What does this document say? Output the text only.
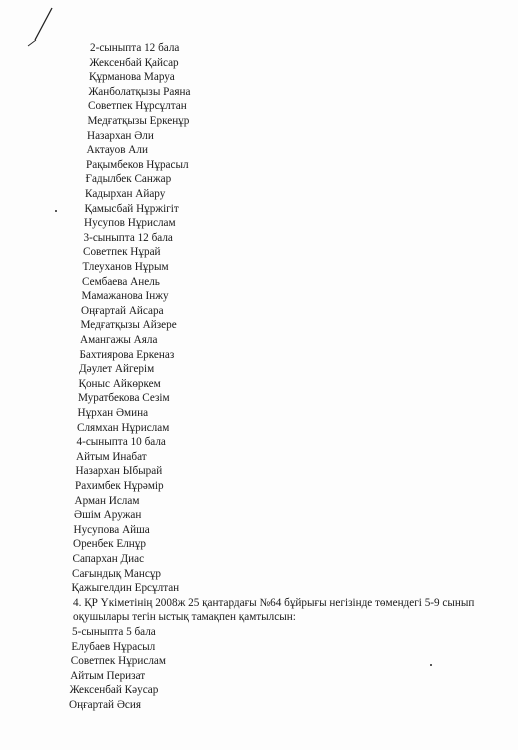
2-сыныпта 12 бала
Жексенбай Қайсар
Құрманова Маруа
Жанболатқызы Раяна
Советпек Нұрсұлтан
Медғатқызы Еркенұр
Назархан Әли
Актауов Али
Рақымбеков Нұрасыл
Ғадылбек Санжар
Кадырхан Айару
Қамысбай Нұржігіт
Нусупов Нұрислам
3-сыныпта 12 бала
Советпек Нұрай
Тлеуханов Нұрым
Сембаева Анель
Мамажанова Інжу
Оңғартай Айсара
Медғатқызы Айзере
Амангажы Аяла
Бахтиярова Еркеназ
Дәулет Айгерім
Қоныс Айкөркем
Муратбекова Сезім
Нұрхан Әмина
Слямхан Нұрислам
4-сыныпта 10 бала
Айтым Инабат
Назархан Ыбырай
Рахимбек Нұрәмір
Арман Ислам
Әшім Аружан
Нусупова Айша
Оренбек Елнұр
Сапархан Диас
Сағындық Мансұр
Қажыгелдин Ерсұлтан
4. ҚР Үкіметінің 2008ж 25 қантардағы №64 бұйрығы негізінде төмендегі 5-9 сынып
оқушылары тегін ыстық тамақпен қамтылсын:
5-сыныпта 5 бала
Елубаев Нұрасыл
Советпек Нұрислам
Айтым Перизат
Жексенбай Кәусар
Оңғартай Әсия
